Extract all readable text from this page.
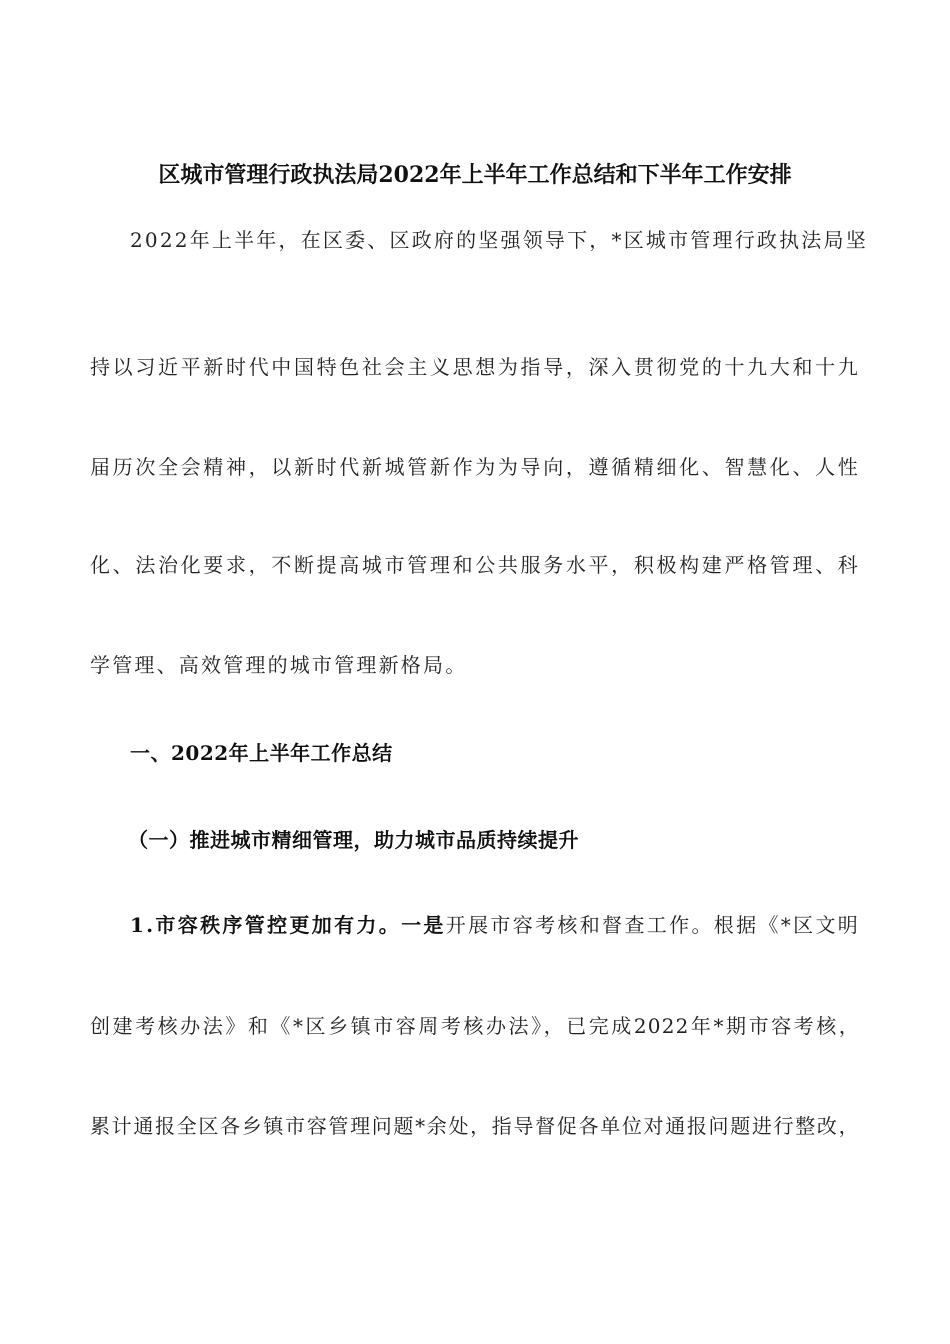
区城市管理行政执法局2022年上半年工作总结和下半年工作安排
2022年上半年，在区委、区政府的坚强领导下，*区城市管理行政执法局坚
持以习近平新时代中国特色社会主义思想为指导，深入贯彻党的十九大和十九
届历次全会精神，以新时代新城管新作为为导向，遵循精细化、智慧化、人性
化、法治化要求，不断提高城市管理和公共服务水平，积极构建严格管理、科
学管理、高效管理的城市管理新格局。
一、2022年上半年工作总结
（一）推进城市精细管理，助力城市品质持续提升
1.市容秩序管控更加有力。一是开展市容考核和督查工作。根据《*区文明
创建考核办法》和《*区乡镇市容周考核办法》，已完成2022年*期市容考核，
累计通报全区各乡镇市容管理问题*余处，指导督促各单位对通报问题进行整改，
